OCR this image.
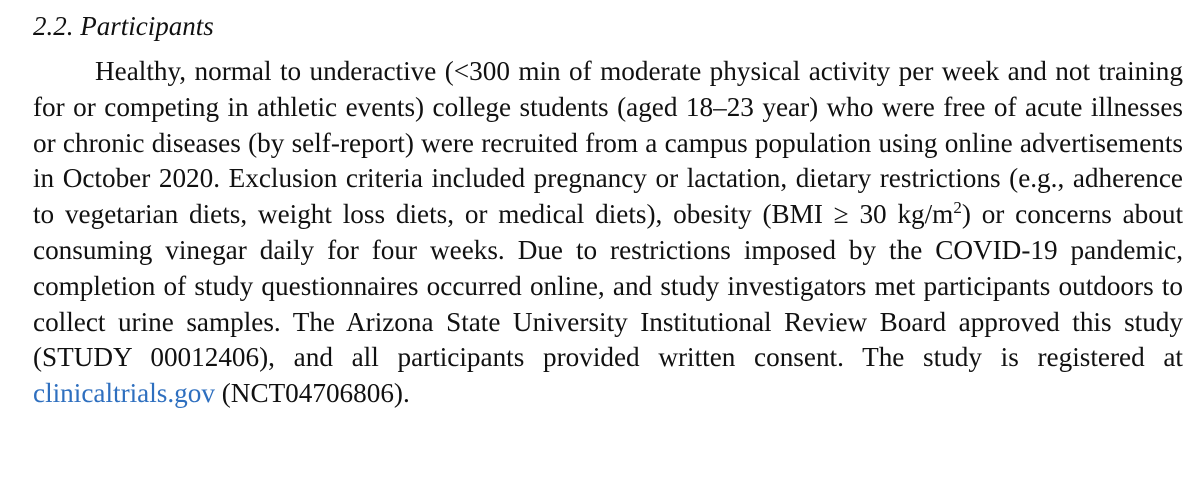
2.2. Participants

Healthy, normal to underactive (<300 min of moderate physical activity per week and not training for or competing in athletic events) college students (aged 18–23 year) who were free of acute illnesses or chronic diseases (by self-report) were recruited from a campus population using online advertisements in October 2020. Exclusion criteria included pregnancy or lactation, dietary restrictions (e.g., adherence to vegetarian diets, weight loss diets, or medical diets), obesity (BMI ≥ 30 $kg/m^2$) or concerns about consuming vinegar daily for four weeks. Due to restrictions imposed by the COVID-19 pandemic, completion of study questionnaires occurred online, and study investigators met participants outdoors to collect urine samples. The Arizona State University Institutional Review Board approved this study (STUDY 00012406), and all participants provided written consent. The study is registered at clinicaltrials.gov (NCT04706806).
